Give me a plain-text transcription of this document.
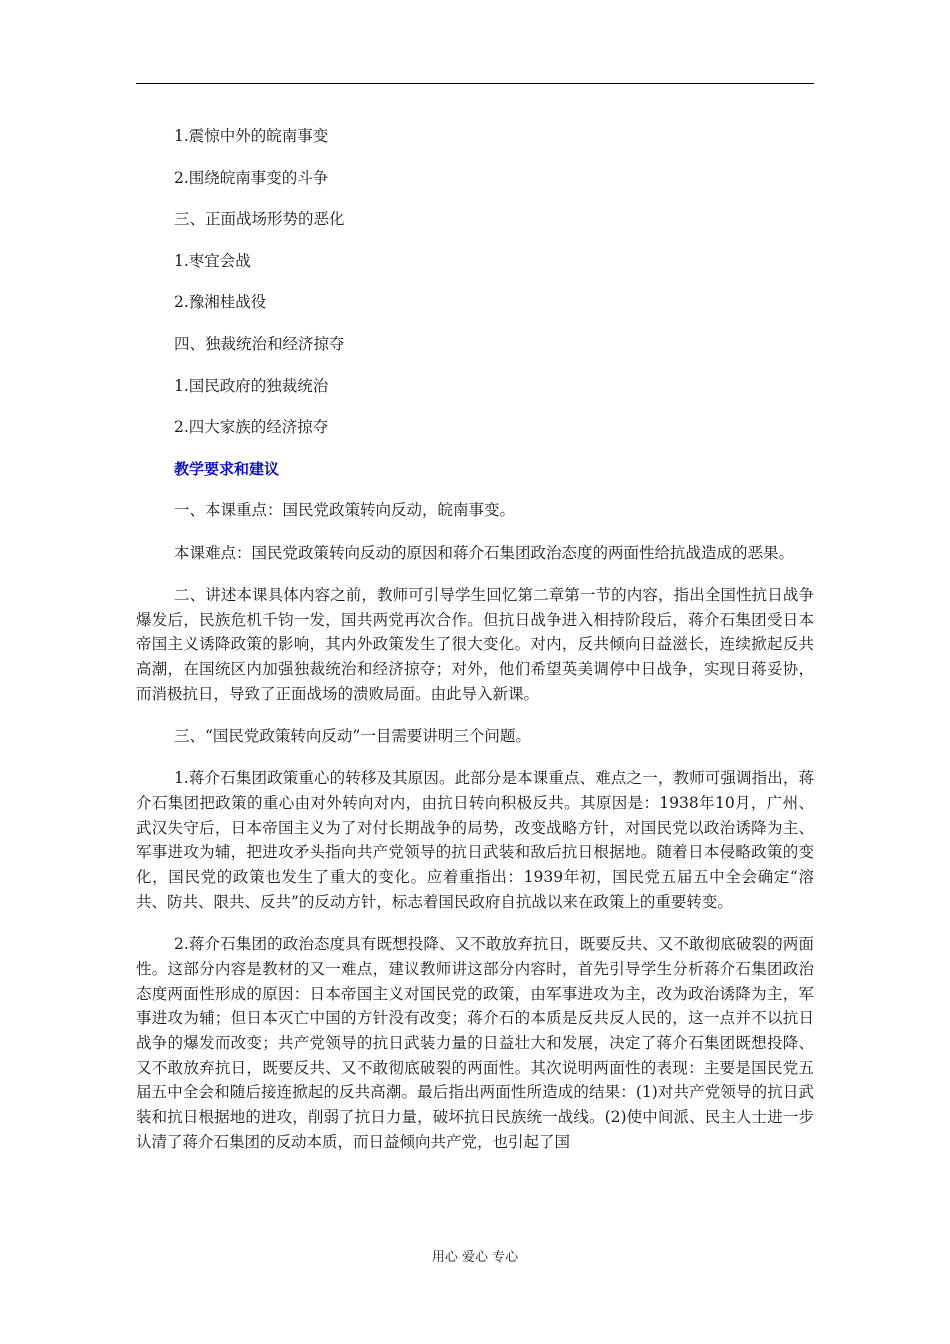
1.震惊中外的皖南事变

2.围绕皖南事变的斗争

三、正面战场形势的恶化

1.枣宜会战

2.豫湘桂战役

四、独裁统治和经济掠夺

1.国民政府的独裁统治

2.四大家族的经济掠夺

教学要求和建议

一、本课重点：国民党政策转向反动，皖南事变。

本课难点：国民党政策转向反动的原因和蒋介石集团政治态度的两面性给抗战造成的恶果。

二、讲述本课具体内容之前，教师可引导学生回忆第二章第一节的内容，指出全国性抗日战争爆发后，民族危机千钧一发，国共两党再次合作。但抗日战争进入相持阶段后，蒋介石集团受日本帝国主义诱降政策的影响，其内外政策发生了很大变化。对内，反共倾向日益滋长，连续掀起反共高潮，在国统区内加强独裁统治和经济掠夺；对外，他们希望英美调停中日战争，实现日蒋妥协，而消极抗日，导致了正面战场的溃败局面。由此导入新课。

三、“国民党政策转向反动”一目需要讲明三个问题。

1.蒋介石集团政策重心的转移及其原因。此部分是本课重点、难点之一，教师可强调指出，蒋介石集团把政策的重心由对外转向对内，由抗日转向积极反共。其原因是：1938年10月，广州、武汉失守后，日本帝国主义为了对付长期战争的局势，改变战略方针，对国民党以政治诱降为主、军事进攻为辅，把进攻矛头指向共产党领导的抗日武装和敌后抗日根据地。随着日本侵略政策的变化，国民党的政策也发生了重大的变化。应着重指出：1939年初，国民党五届五中全会确定“溶共、防共、限共、反共”的反动方针，标志着国民政府自抗战以来在政策上的重要转变。

2.蒋介石集团的政治态度具有既想投降、又不敢放弃抗日，既要反共、又不敢彻底破裂的两面性。这部分内容是教材的又一难点，建议教师讲这部分内容时，首先引导学生分析蒋介石集团政治态度两面性形成的原因：日本帝国主义对国民党的政策，由军事进攻为主，改为政治诱降为主，军事进攻为辅；但日本灭亡中国的方针没有改变；蒋介石的本质是反共反人民的，这一点并不以抗日战争的爆发而改变；共产党领导的抗日武装力量的日益壮大和发展，决定了蒋介石集团既想投降、又不敢放弃抗日，既要反共、又不敢彻底破裂的两面性。其次说明两面性的表现：主要是国民党五届五中全会和随后接连掀起的反共高潮。最后指出两面性所造成的结果：(1)对共产党领导的抗日武装和抗日根据地的进攻，削弱了抗日力量，破坏抗日民族统一战线。(2)使中间派、民主人士进一步认清了蒋介石集团的反动本质，而日益倾向共产党，也引起了国

用心 爱心 专心
